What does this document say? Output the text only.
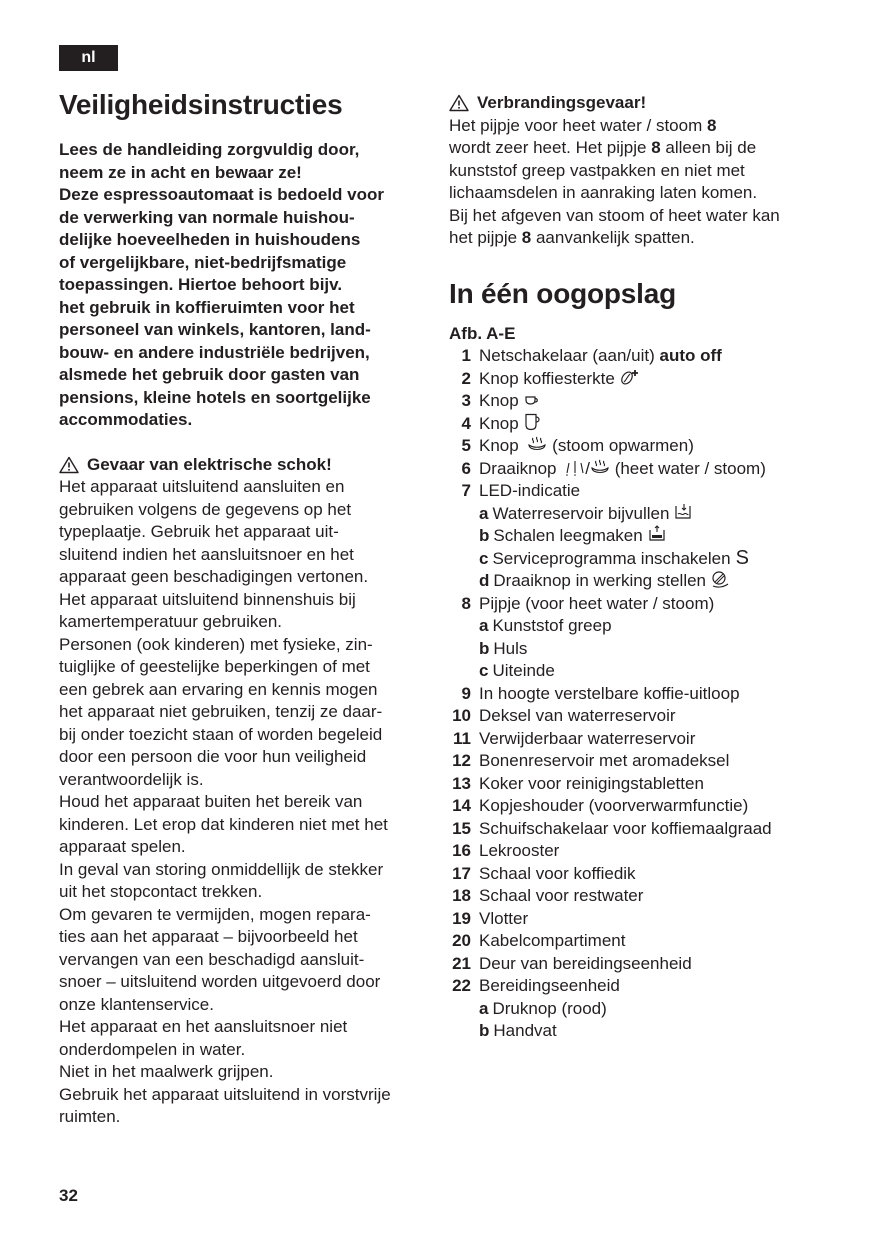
nl
Veiligheidsinstructies
Lees de handleiding zorgvuldig door,
neem ze in acht en bewaar ze!
Deze espressoautomaat is bedoeld voor
de verwerking van normale huishou-
delijke hoeveelheden in huishoudens
of vergelijkbare, niet-bedrijfsmatige
toepassingen. Hiertoe behoort bijv.
het gebruik in koffieruimten voor het
personeel van winkels, kantoren, land-
bouw- en andere industriële bedrijven,
alsmede het gebruik door gasten van
pensions, kleine hotels en soortgelijke
accommodaties.
Gevaar van elektrische schok!
Het apparaat uitsluitend aansluiten en
gebruiken volgens de gegevens op het
typeplaatje. Gebruik het apparaat uit-
sluitend indien het aansluitsnoer en het
apparaat geen beschadigingen vertonen.
Het apparaat uitsluitend binnenshuis bij
kamertemperatuur gebruiken.
Personen (ook kinderen) met fysieke, zin-
tuiglijke of geestelijke beperkingen of met
een gebrek aan ervaring en kennis mogen
het apparaat niet gebruiken, tenzij ze daar-
bij onder toezicht staan of worden begeleid
door een persoon die voor hun veiligheid
verantwoordelijk is.
Houd het apparaat buiten het bereik van
kinderen. Let erop dat kinderen niet met het
apparaat spelen.
In geval van storing onmiddellijk de stekker
uit het stopcontact trekken.
Om gevaren te vermijden, mogen repara-
ties aan het apparaat – bijvoorbeeld het
vervangen van een beschadigd aansluit-
snoer – uitsluitend worden uitgevoerd door
onze klantenservice.
Het apparaat en het aansluitsnoer niet
onderdompelen in water.
Niet in het maalwerk grijpen.
Gebruik het apparaat uitsluitend in vorstvrije
ruimten.
Verbrandingsgevaar!
Het pijpje voor heet water / stoom 8
wordt zeer heet. Het pijpje 8 alleen bij de
kunststof greep vastpakken en niet met
lichaamsdelen in aanraking laten komen.
Bij het afgeven van stoom of heet water kan
het pijpje 8 aanvankelijk spatten.
In één oogopslag
Afb. A-E
1 Netschakelaar (aan/uit) auto off
2 Knop koffiesterkte
3 Knop
4 Knop
5 Knop  (stoom opwarmen)
6 Draaiknop / (heet water / stoom)
7 LED-indicatie
a Waterreservoir bijvullen
b Schalen leegmaken
c Serviceprogramma inschakelen S
d Draaiknop in werking stellen
8 Pijpje (voor heet water / stoom)
a Kunststof greep
b Huls
c Uiteinde
9 In hoogte verstelbare koffie-uitloop
10 Deksel van waterreservoir
11 Verwijderbaar waterreservoir
12 Bonenreservoir met aromadeksel
13 Koker voor reinigingstabletten
14 Kopjeshouder (voorverwarmfunctie)
15 Schuifschakelaar voor koffiemaalgraad
16 Lekrooster
17 Schaal voor koffiedik
18 Schaal voor restwater
19 Vlotter
20 Kabelcompartiment
21 Deur van bereidingseenheid
22 Bereidingseenheid
a Druknop (rood)
b Handvat
32
